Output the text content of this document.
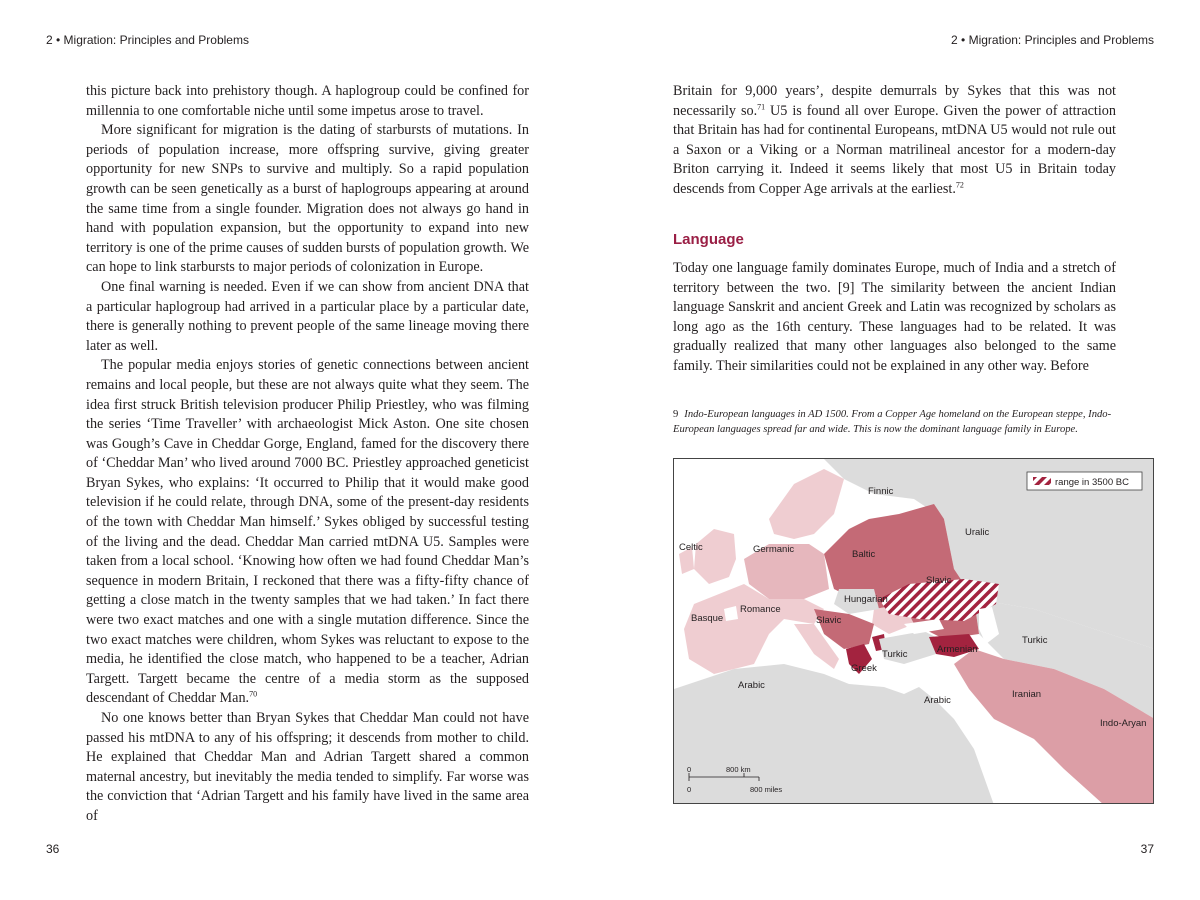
2 • Migration: Principles and Problems	2 • Migration: Principles and Problems

this picture back into prehistory though. A haplogroup could be confined for millennia to one comfortable niche until some impetus arose to travel.

More significant for migration is the dating of starbursts of mutations. In periods of population increase, more offspring survive, giving greater opportunity for new SNPs to survive and multiply. So a rapid population growth can be seen genetically as a burst of haplogroups appearing at around the same time from a single founder. Migration does not always go hand in hand with population expansion, but the opportunity to expand into new territory is one of the prime causes of sudden bursts of population growth. We can hope to link starbursts to major periods of colonization in Europe.

One final warning is needed. Even if we can show from ancient DNA that a particular haplogroup had arrived in a particular place by a particular date, there is generally nothing to prevent people of the same lineage moving there later as well.

The popular media enjoys stories of genetic connections between ancient remains and local people, but these are not always quite what they seem. The idea first struck British television producer Philip Priestley, who was filming the series ‘Time Traveller’ with archaeologist Mick Aston. One site chosen was Gough’s Cave in Cheddar Gorge, England, famed for the discovery there of ‘Cheddar Man’ who lived around 7000 BC. Priestley approached geneticist Bryan Sykes, who explains: ‘It occurred to Philip that it would make good television if he could relate, through DNA, some of the present-day residents of the town with Cheddar Man himself.’ Sykes obliged by successful testing of the living and the dead. Cheddar Man carried mtDNA U5. Samples were taken from a local school. ‘Knowing how often we had found Cheddar Man’s sequence in modern Britain, I reckoned that there was a fifty-fifty chance of getting a close match in the twenty samples that we had taken.’ In fact there were two exact matches and one with a single mutation difference. Since the two exact matches were children, whom Sykes was reluctant to expose to the media, he identified the close match, who happened to be a teacher, Adrian Targett. Targett became the centre of a media storm as the supposed descendant of Cheddar Man.$^{70}$

No one knows better than Bryan Sykes that Cheddar Man could not have passed his mtDNA to any of his offspring; it descends from mother to child. He explained that Cheddar Man and Adrian Targett shared a common maternal ancestry, but inevitably the media tended to simplify. Far worse was the conviction that ‘Adrian Targett and his family have lived in the same area of

Britain for 9,000 years’, despite demurrals by Sykes that this was not necessarily so.$^{71}$ U5 is found all over Europe. Given the power of attraction that Britain has had for continental Europeans, mtDNA U5 would not rule out a Saxon or a Viking or a Norman matrilineal ancestor for a modern-day Briton carrying it. Indeed it seems likely that most U5 in Britain today descends from Copper Age arrivals at the earliest.$^{72}$

Language

Today one language family dominates Europe, much of India and a stretch of territory between the two. [9] The similarity between the ancient Indian language Sanskrit and ancient Greek and Latin was recognized by scholars as long ago as the 16th century. These languages had to be related. It was gradually realized that many other languages also belonged to the same family. Their similarities could not be explained in any other way. Before

9 Indo-European languages in AD 1500. From a Copper Age homeland on the European steppe, Indo-European languages spread far and wide. This is now the dominant language family in Europe.
range in 3500 BC
Finnic
Uralic
Celtic	Germanic	Baltic
Slavic
Hungarian
Basque
Romance
Slavic
Turkic	Armenian
Turkic
Greek
Arabic
Arabic
Iranian
Indo-Aryan
0	800 km
0	800 miles
36	37
